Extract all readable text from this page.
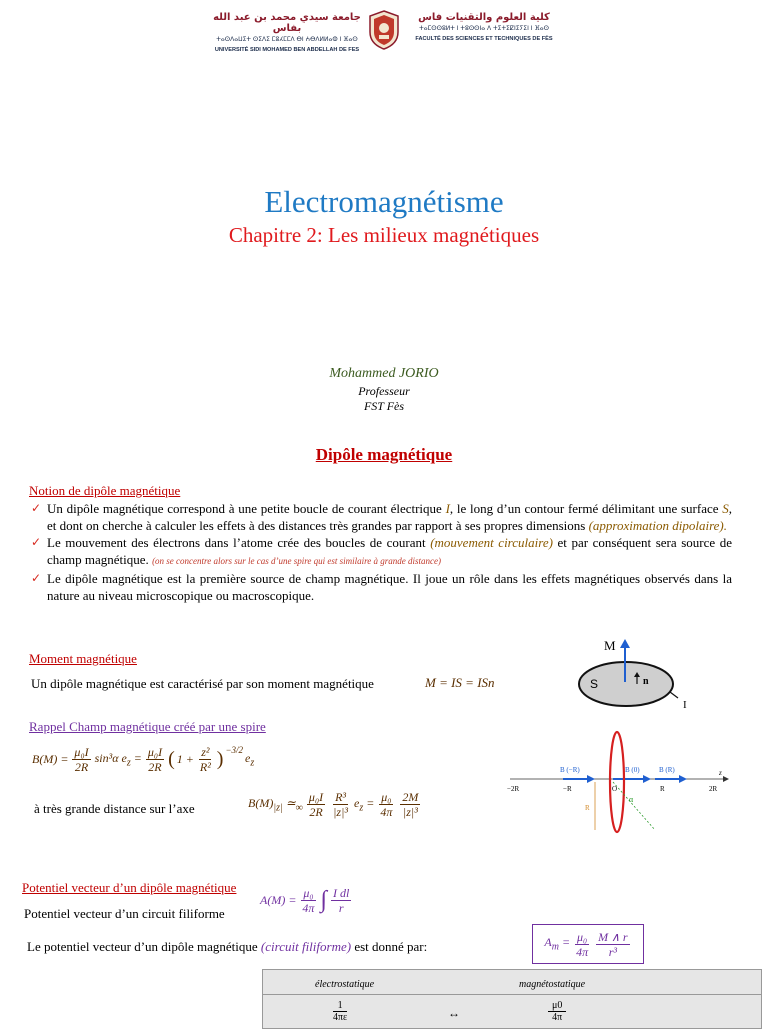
جامعة سيدي محمد بن عبد الله بفاس
ⵜⴰⵙⴷⴰⵡⵉⵜ ⵙⵉⴷⵉ ⵎⵓⵃⵎⵎⴷ ⴱⵏ ⵄⴱⴷⵍⵍⴰⵀ ⵏ ⴼⴰⵙ
UNIVERSITÉ SIDI MOHAMED BEN ABDELLAH DE FES
كلية العلوم والتقنيات فاس
ⵜⴰⵎⵙⵙⵓⵍⵜ ⵏ ⵜⵓⵙⵙⵏⴰ ⴷ ⵜⵉⵜⵉⵇⵏⵉⵢⵉⵏ ⵏ ⴼⴰⵙ
FACULTÉ DES SCIENCES ET TECHNIQUES DE FÈS
Electromagnétisme
Chapitre 2: Les milieux magnétiques
Mohammed JORIO
Professeur
FST Fès
Dipôle magnétique
Notion de dipôle magnétique
✓ Un dipôle magnétique correspond à une petite boucle de courant électrique I, le long d’un contour fermé délimitant une surface S, et dont on cherche à calculer les effets à des distances très grandes par rapport à ses propres dimensions (approximation dipolaire).
✓ Le mouvement des électrons dans l’atome crée des boucles de courant (mouvement circulaire) et par conséquent sera source de champ magnétique. (on se concentre alors sur le cas d’une spire qui est similaire à grande distance)
✓ Le dipôle magnétique est la première source de champ magnétique. Il joue un rôle dans les effets magnétiques observés dans la nature au niveau microscopique ou macroscopique.
Moment magnétique
Un dipôle magnétique est caractérisé par son moment magnétique	M = IS = ISn
M
S	n
I
Rappel Champ magnétique créé par une spire
$B(M) = \frac{\text{μ₀I}}{2R} \sin^3\alpha$ $e_z = \frac{\text{μ₀I}}{2R}$ ( $1 + \frac{\text{z²}}{\text{R²}} )^{-3/2}$
$e_z$
à très grande distance sur l’axe	$B(M)_{|z|}$ $≃_\infty \frac{\text{μ₀I}}{2R} \frac{\text{R³}}{\text{|z|³}} e_z = \frac{\text{μ₀}}{4\pi} \frac{2M}{\text{|z|³}}$
B (−R)	B (0)	B (R)	z
−2R	−R	O	R	2R
R
α
Potentiel vecteur d’un dipôle magnétique
Potentiel vecteur d’un circuit filiforme
$A(M) = \frac{\text{μ₀}}{4\pi}$ ∫ $\frac{\text{I dl}}{r}$
Le potentiel vecteur d’un dipôle magnétique (circuit filiforme) est donné par:	$A_m = \frac{\text{μ₀}}{4\pi} \frac{M \wedge r}{\text{r³}}$
électrostatique	magnétostatique
$\frac{1}{4\pi\varepsilon}$	↔	$\frac{\mu 0}{4\pi}$
